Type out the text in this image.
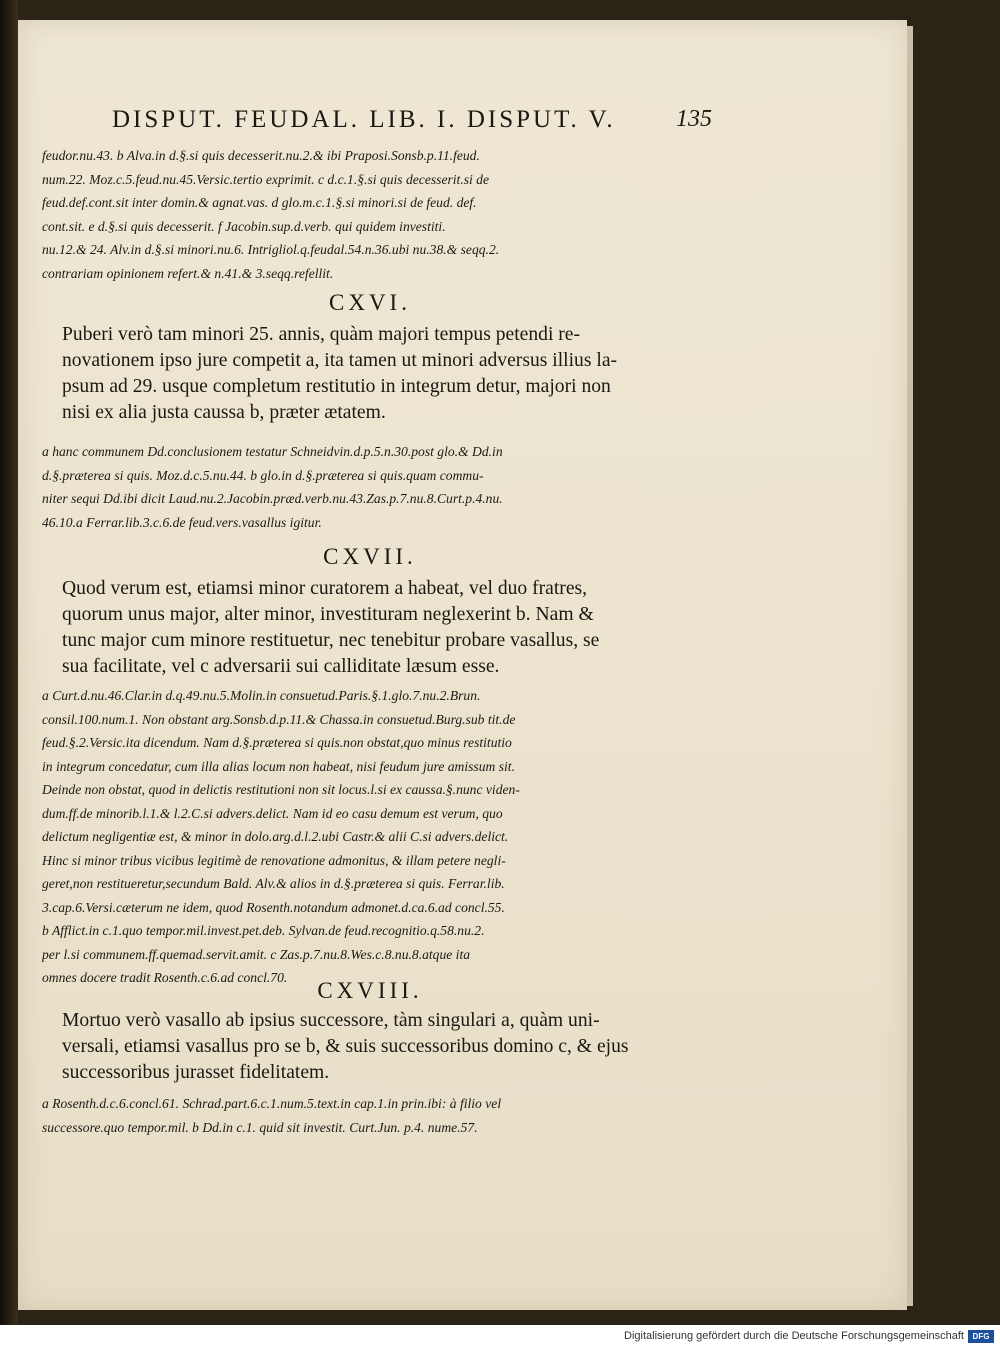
DISPUT. FEUDAL. LIB. I. DISPUT. V.	135
feudor.nu.43. b Alva.in d.§.si quis decesserit.nu.2.& ibi Praposi.Sonsb.p.11.feud.
num.22. Moz.c.5.feud.nu.45.Versic.tertio exprimit. c d.c.1.§.si quis decesserit.si de
feud.def.cont.sit inter domin.& agnat.vas. d glo.m.c.1.§.si minori.si de feud. def.
cont.sit. e d.§.si quis decesserit. f Jacobin.sup.d.verb. qui quidem investiti.
nu.12.& 24. Alv.in d.§.si minori.nu.6. Intrigliol.q.feudal.54.n.36.ubi nu.38.& seqq.2.
contrariam opinionem refert.& n.41.& 3.seqq.refellit.
CXVI.
Puberi verò tam minori 25. annis, quàm majori tempus petendi re-
novationem ipso jure competit a, ita tamen ut minori adversus illius la-
psum ad 29. usque completum restitutio in integrum detur, majori non
nisi ex alia justa caussa b, præter ætatem.
a hanc communem Dd.conclusionem testatur Schneidvin.d.p.5.n.30.post glo.& Dd.in
d.§.præterea si quis. Moz.d.c.5.nu.44. b glo.in d.§.præterea si quis.quam commu-
niter sequi Dd.ibi dicit Laud.nu.2.Jacobin.præd.verb.nu.43.Zas.p.7.nu.8.Curt.p.4.nu.
46.10.a Ferrar.lib.3.c.6.de feud.vers.vasallus igitur.
CXVII.
Quod verum est, etiamsi minor curatorem a habeat, vel duo fratres,
quorum unus major, alter minor, investituram neglexerint b. Nam &
tunc major cum minore restituetur, nec tenebitur probare vasallus, se
sua facilitate, vel c adversarii sui calliditate læsum esse.
a Curt.d.nu.46.Clar.in d.q.49.nu.5.Molin.in consuetud.Paris.§.1.glo.7.nu.2.Brun.
consil.100.num.1. Non obstant arg.Sonsb.d.p.11.& Chassa.in consuetud.Burg.sub tit.de
feud.§.2.Versic.ita dicendum. Nam d.§.præterea si quis.non obstat,quo minus restitutio
in integrum concedatur, cum illa alias locum non habeat, nisi feudum jure amissum sit.
Deinde non obstat, quod in delictis restitutioni non sit locus.l.si ex caussa.§.nunc viden-
dum.ff.de minorib.l.1.& l.2.C.si advers.delict. Nam id eo casu demum est verum, quo
delictum negligentiæ est, & minor in dolo.arg.d.l.2.ubi Castr.& alii C.si advers.delict.
Hinc si minor tribus vicibus legitimè de renovatione admonitus, & illam petere negli-
geret,non restitueretur,secundum Bald. Alv.& alios in d.§.præterea si quis. Ferrar.lib.
3.cap.6.Versi.cæterum ne idem, quod Rosenth.notandum admonet.d.ca.6.ad concl.55.
b Afflict.in c.1.quo tempor.mil.invest.pet.deb. Sylvan.de feud.recognitio.q.58.nu.2.
per l.si communem.ff.quemad.servit.amit. c Zas.p.7.nu.8.Wes.c.8.nu.8.atque ita
omnes docere tradit Rosenth.c.6.ad concl.70.
CXVIII.
Mortuo verò vasallo ab ipsius successore, tàm singulari a, quàm uni-
versali, etiamsi vasallus pro se b, & suis successoribus domino c, & ejus
successoribus jurasset fidelitatem.
a Rosenth.d.c.6.concl.61. Schrad.part.6.c.1.num.5.text.in cap.1.in prin.ibi: à filio vel
successore.quo tempor.mil. b Dd.in c.1. quid sit investit. Curt.Jun. p.4. nume.57.
Digitalisierung gefördert durch die Deutsche Forschungsgemeinschaft	DFG
